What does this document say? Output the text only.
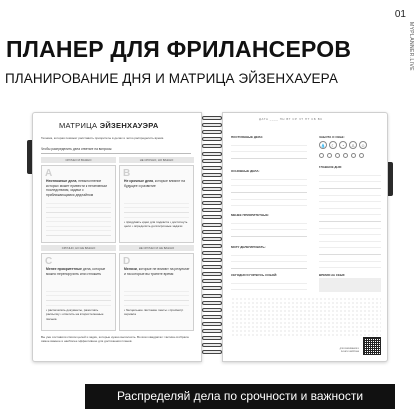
01
MYPLANNER.LIVE
ПЛАНЕР ДЛЯ ФРИЛАНСЕРОВ
ПЛАНИРОВАНИЕ ДНЯ И МАТРИЦА ЭЙЗЕНХАУЕРА
МАТРИЦА ЭЙЗЕНХАУЭРА
Техника, которая поможет расставить приоритеты в делах и четко распределить время.
Чтобы распределить дела ответьте на вопросы:
СРОЧНО И ВАЖНО	НЕ СРОЧНО, НО ВАЖНО
A
Неотложные дела, невыполнение которых может привести к негативным последствиям, задачи с приближающимся дедлайном
B
Не срочные дела, которые влияют на будущее и развитие
• придумать идеи для подкаста • достигнуть цели • определить долгосрочные задачи
СРОЧНО, НО НЕ ВАЖНО	НЕ СРОЧНО И НЕ ВАЖНО
C
Менее приоритетные дела, которые можно перепоручить или отложить
• распечатать документы, разослать рассылку • ответить на второстепенные письма
D
Мелочи, которые не влияют на результат и на которые вы тратите время
• бесцельное листание ленты • просмотр сериала
Вы уже составили список целей и задач, которые нужно выполнить. Во всех квадратах: тактика отобрала самое важное и наиболее эффективное для достижения планов.
ДАТА ____ ПН ВТ СР ЧТ ПТ СБ ВС
ПОСТОЯННЫЕ ДЕЛА:
ОСНОВНЫЕ ДЕЛА:
МЕНЕЕ ПРИОРИТЕТНЫЕ:
МОГУ ДЕЛЕГИРОВАТЬ:
СЕГОДНЯ Я ГОРЖУСЬ СОБОЙ:
ЗАБОТА О СЕБЕ:
💧	☾	◔	♙	☺
ГЛАВНОЕ ДНЯ:
ВРЕМЯ НА СЕБЯ:
для скачивания и печати шаблона
Распределяй дела по срочности и важности
